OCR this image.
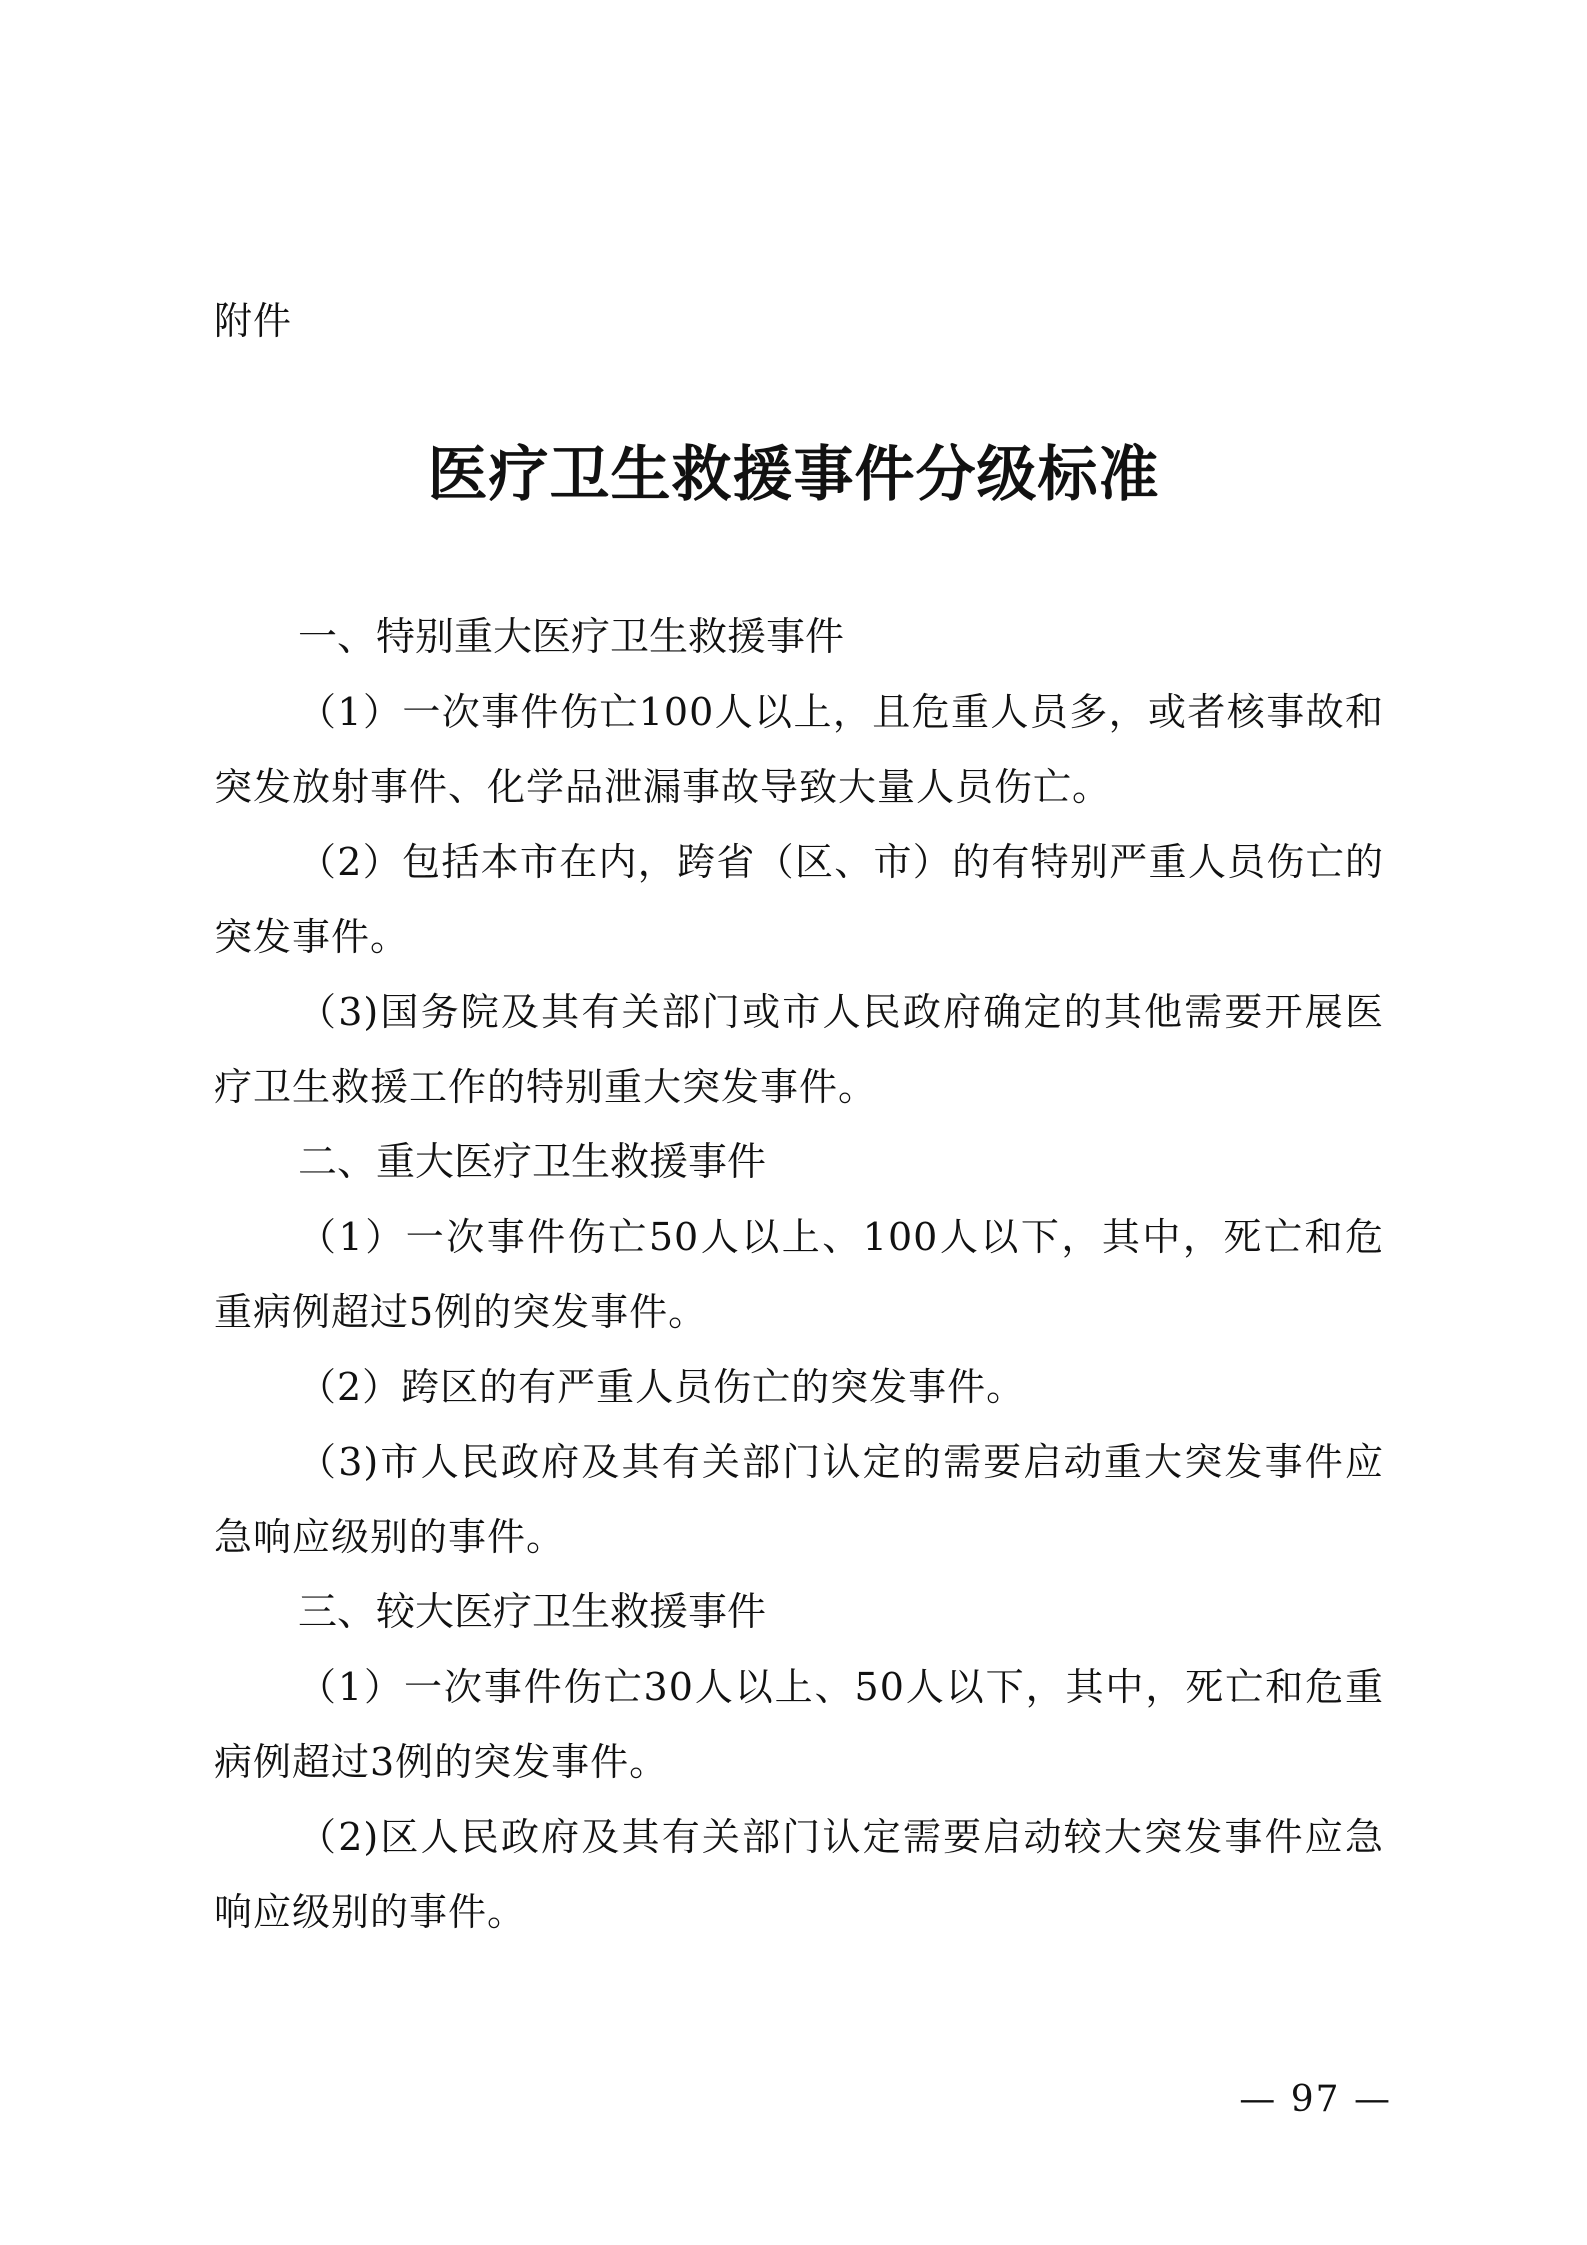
附件
医疗卫生救援事件分级标准

一、特别重大医疗卫生救援事件

（1）一次事件伤亡100人以上，且危重人员多，或者核事故和突发放射事件、化学品泄漏事故导致大量人员伤亡。

（2）包括本市在内，跨省（区、市）的有特别严重人员伤亡的突发事件。

（3)国务院及其有关部门或市人民政府确定的其他需要开展医疗卫生救援工作的特别重大突发事件。

二、重大医疗卫生救援事件

（1）一次事件伤亡50人以上、100人以下，其中，死亡和危重病例超过5例的突发事件。

（2）跨区的有严重人员伤亡的突发事件。

（3)市人民政府及其有关部门认定的需要启动重大突发事件应急响应级别的事件。

三、较大医疗卫生救援事件

（1）一次事件伤亡30人以上、50人以下，其中，死亡和危重病例超过3例的突发事件。

（2)区人民政府及其有关部门认定需要启动较大突发事件应急响应级别的事件。

— 97 —
